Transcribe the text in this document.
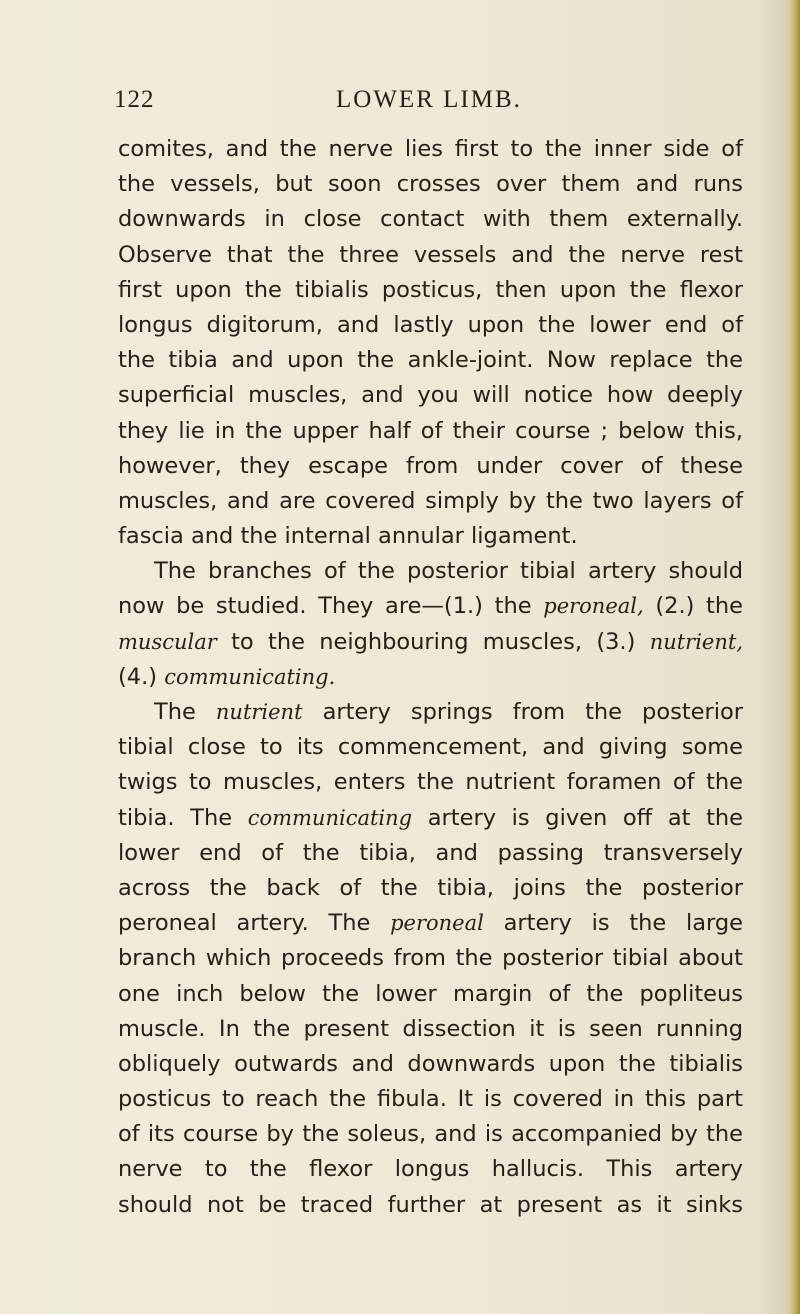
122	LOWER LIMB.
comites, and the nerve lies first to the inner side of
the vessels, but soon crosses over them and runs
downwards in close contact with them externally.
Observe that the three vessels and the nerve rest
first upon the tibialis posticus, then upon the flexor
longus digitorum, and lastly upon the lower end of
the tibia and upon the ankle-joint. Now replace the
superficial muscles, and you will notice how deeply
they lie in the upper half of their course ; below this,
however, they escape from under cover of these
muscles, and are covered simply by the two layers of
fascia and the internal annular ligament.
The branches of the posterior tibial artery should
now be studied. They are—(1.) the peroneal, (2.) the
muscular to the neighbouring muscles, (3.) nutrient,
(4.) communicating.
The nutrient artery springs from the posterior
tibial close to its commencement, and giving some
twigs to muscles, enters the nutrient foramen of the
tibia. The communicating artery is given off at the
lower end of the tibia, and passing transversely
across the back of the tibia, joins the posterior
peroneal artery. The peroneal artery is the large
branch which proceeds from the posterior tibial about
one inch below the lower margin of the popliteus
muscle. In the present dissection it is seen running
obliquely outwards and downwards upon the tibialis
posticus to reach the fibula. It is covered in this part
of its course by the soleus, and is accompanied by the
nerve to the flexor longus hallucis. This artery
should not be traced further at present as it sinks
